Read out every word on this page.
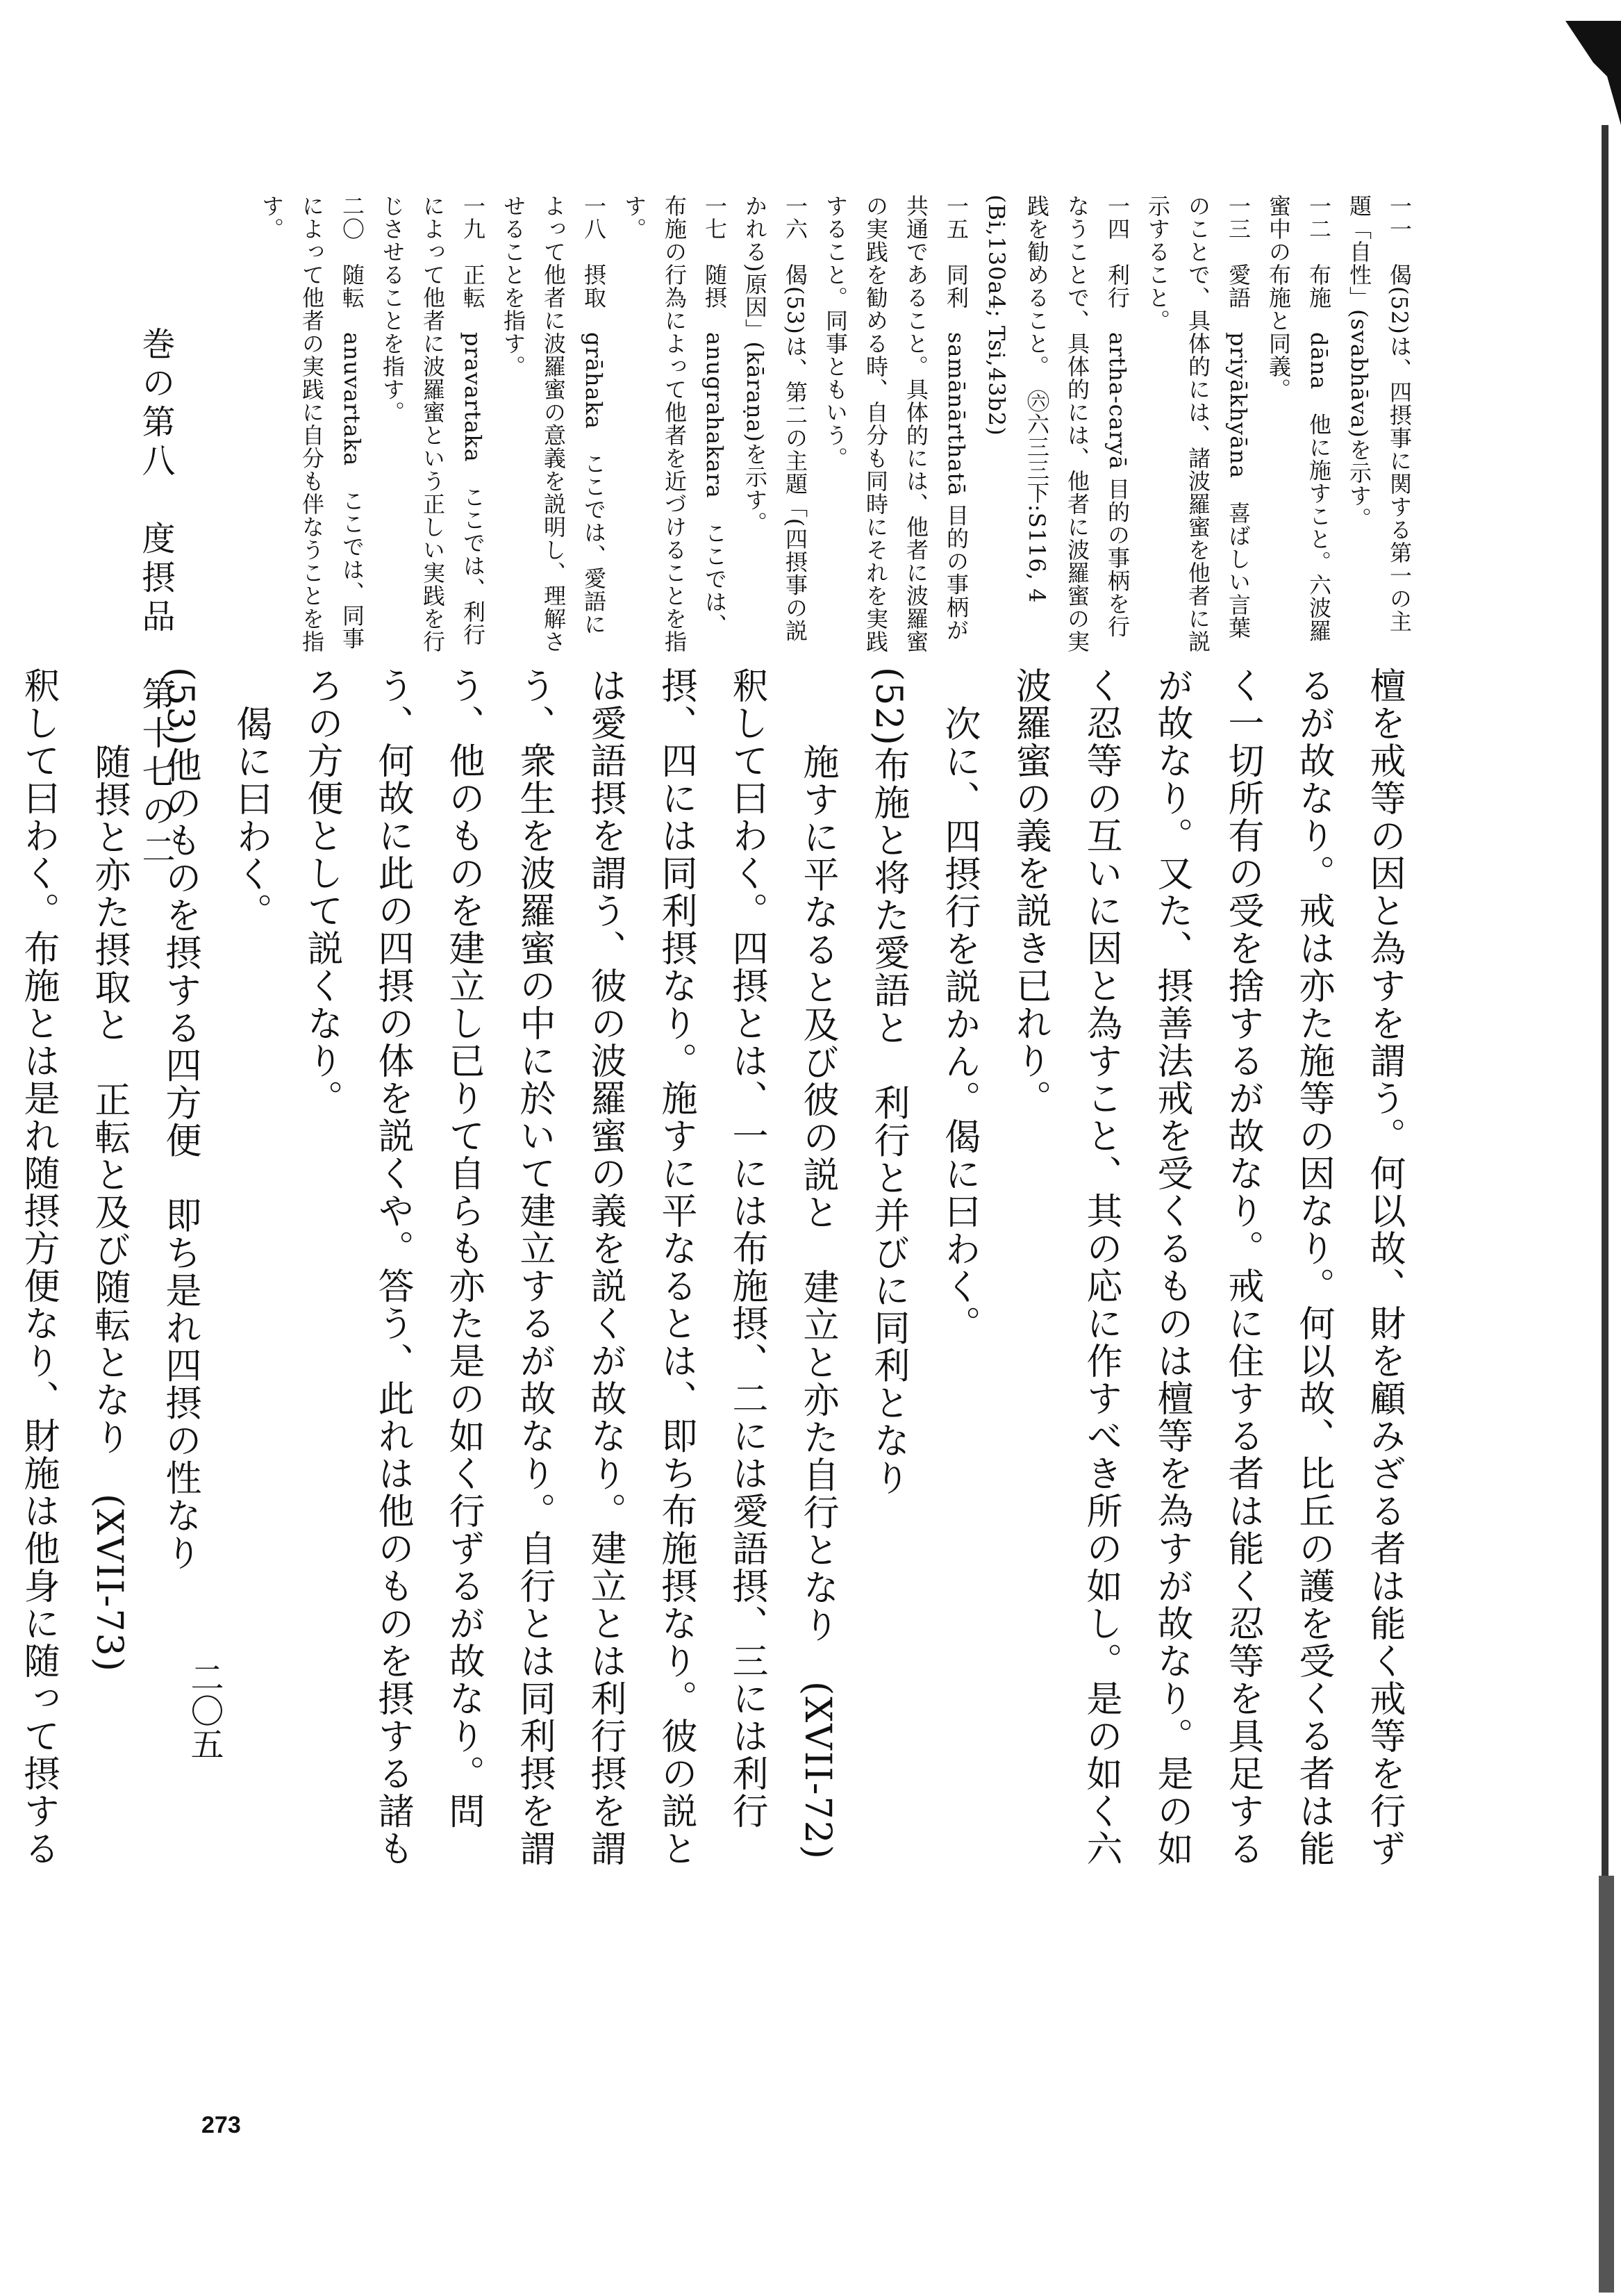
一一　偈(52)は、四摂事に関する第一の主題「自性」(svabhāva)を示す。

一二　布施　dāna　他に施すこと。六波羅蜜中の布施と同義。

一三　愛語　priyākhyāna　喜ばしい言葉のことで、具体的には、諸波羅蜜を他者に説示すること。

一四　利行　artha-caryā 目的の事柄を行なうことで、具体的には、他者に波羅蜜の実践を勧めること。　㊅六三三下:S116, 4 (Bi,130a4; Tsi,43b2)

一五　同利　samānārthatā 目的の事柄が共通であること。具体的には、他者に波羅蜜の実践を勧める時、自分も同時にそれを実践すること。同事ともいう。

一六　偈(53)は、第二の主題「(四摂事の説かれる)原因」(kāraṇa)を示す。

一七　随摂　anugrahakara　ここでは、布施の行為によって他者を近づけることを指す。

一八　摂取　grāhaka　ここでは、愛語によって他者に波羅蜜の意義を説明し、理解させることを指す。

一九　正転　pravartaka　ここでは、利行によって他者に波羅蜜という正しい実践を行じさせることを指す。

二〇　随転　anuvartaka　ここでは、同事によって他者の実践に自分も伴なうことを指す。

檀を戒等の因と為すを謂う。何以故、財を顧みざる者は能く戒等を行ずるが故なり。戒は亦た施等の因なり。何以故、比丘の護を受くる者は能く一切所有の受を捨するが故なり。戒に住する者は能く忍等を具足するが故なり。又た、摂善法戒を受くるものは檀等を為すが故なり。是の如く忍等の互いに因と為すこと、其の応に作すべき所の如し。是の如く六波羅蜜の義を説き已れり。

次に、四摂行を説かん。偈に曰わく。

(52)布施と将た愛語と　利行と并びに同利となり

施すに平なると及び彼の説と　建立と亦た自行となり　(XVII-72)

釈して曰わく。四摂とは、一には布施摂、二には愛語摂、三には利行摂、四には同利摂なり。施すに平なるとは、即ち布施摂なり。彼の説とは愛語摂を謂う、彼の波羅蜜の義を説くが故なり。建立とは利行摂を謂う、衆生を波羅蜜の中に於いて建立するが故なり。自行とは同利摂を謂う、他のものを建立し已りて自らも亦た是の如く行ずるが故なり。問う、何故に此の四摂の体を説くや。答う、此れは他のものを摂する諸もろの方便として説くなり。

偈に曰わく。

(53)他のものを摂する四方便　即ち是れ四摂の性なり

随摂と亦た摂取と　正転と及び随転となり　(XVII-73)

釈して曰わく。布施とは是れ随摂方便なり、財施は他身に随って摂する

巻の第八　度摂品　第十七の二
二〇五
273
